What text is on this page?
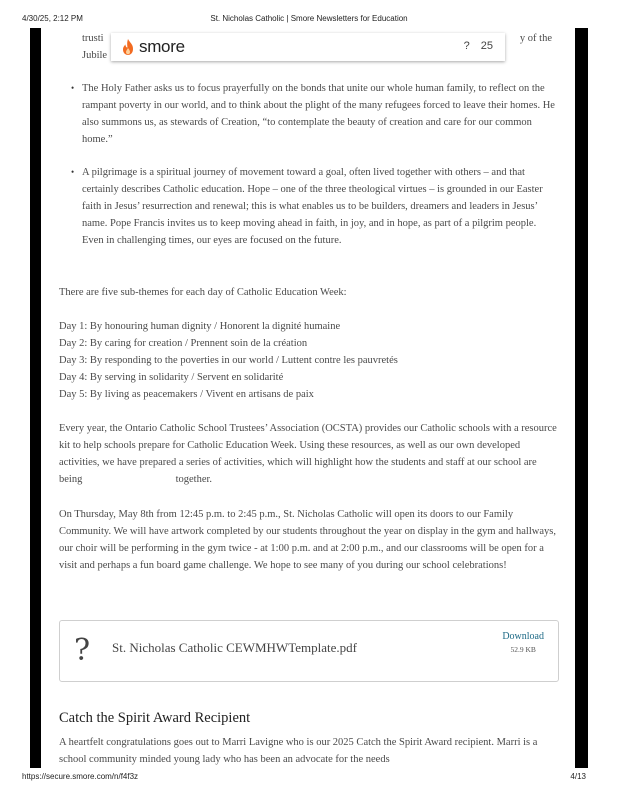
4/30/25, 2:12 PM	St. Nicholas Catholic | Smore Newsletters for Education
smore	? 25
trusti	y of the
Jubile
• The Holy Father asks us to focus prayerfully on the bonds that unite our whole human family, to reflect on the rampant poverty in our world, and to think about the plight of the many refugees forced to leave their homes. He also summons us, as stewards of Creation, “to contemplate the beauty of creation and care for our common home.”
• A pilgrimage is a spiritual journey of movement toward a goal, often lived together with others – and that certainly describes Catholic education. Hope – one of the three theological virtues – is grounded in our Easter faith in Jesus’ resurrection and renewal; this is what enables us to be builders, dreamers and leaders in Jesus’ name. Pope Francis invites us to keep moving ahead in faith, in joy, and in hope, as part of a pilgrim people. Even in challenging times, our eyes are focused on the future.

There are five sub-themes for each day of Catholic Education Week:

Day 1: By honouring human dignity / Honorent la dignité humaine
Day 2: By caring for creation / Prennent soin de la création
Day 3: By responding to the poverties in our world / Luttent contre les pauvretés
Day 4: By serving in solidarity / Servent en solidarité
Day 5: By living as peacemakers / Vivent en artisans de paix

Every year, the Ontario Catholic School Trustees’ Association (OCSTA) provides our Catholic schools with a resource kit to help schools prepare for Catholic Education Week. Using these resources, as well as our own developed activities, we have prepared a series of activities, which will highlight how the students and staff at our school are being	together.

On Thursday, May 8th from 12:45 p.m. to 2:45 p.m., St. Nicholas Catholic will open its doors to our Family Community. We will have artwork completed by our students throughout the year on display in the gym and hallways, our choir will be performing in the gym twice - at 1:00 p.m. and at 2:00 p.m., and our classrooms will be open for a visit and perhaps a fun board game challenge. We hope to see many of you during our school celebrations!

?	St. Nicholas Catholic CEWMHWTemplate.pdf
Download
52.9 KB
Catch the Spirit Award Recipient

A heartfelt congratulations goes out to Marri Lavigne who is our 2025 Catch the Spirit Award recipient. Marri is a school community minded young lady who has been an advocate for the needs

https://secure.smore.com/n/f4f3z	4/13
